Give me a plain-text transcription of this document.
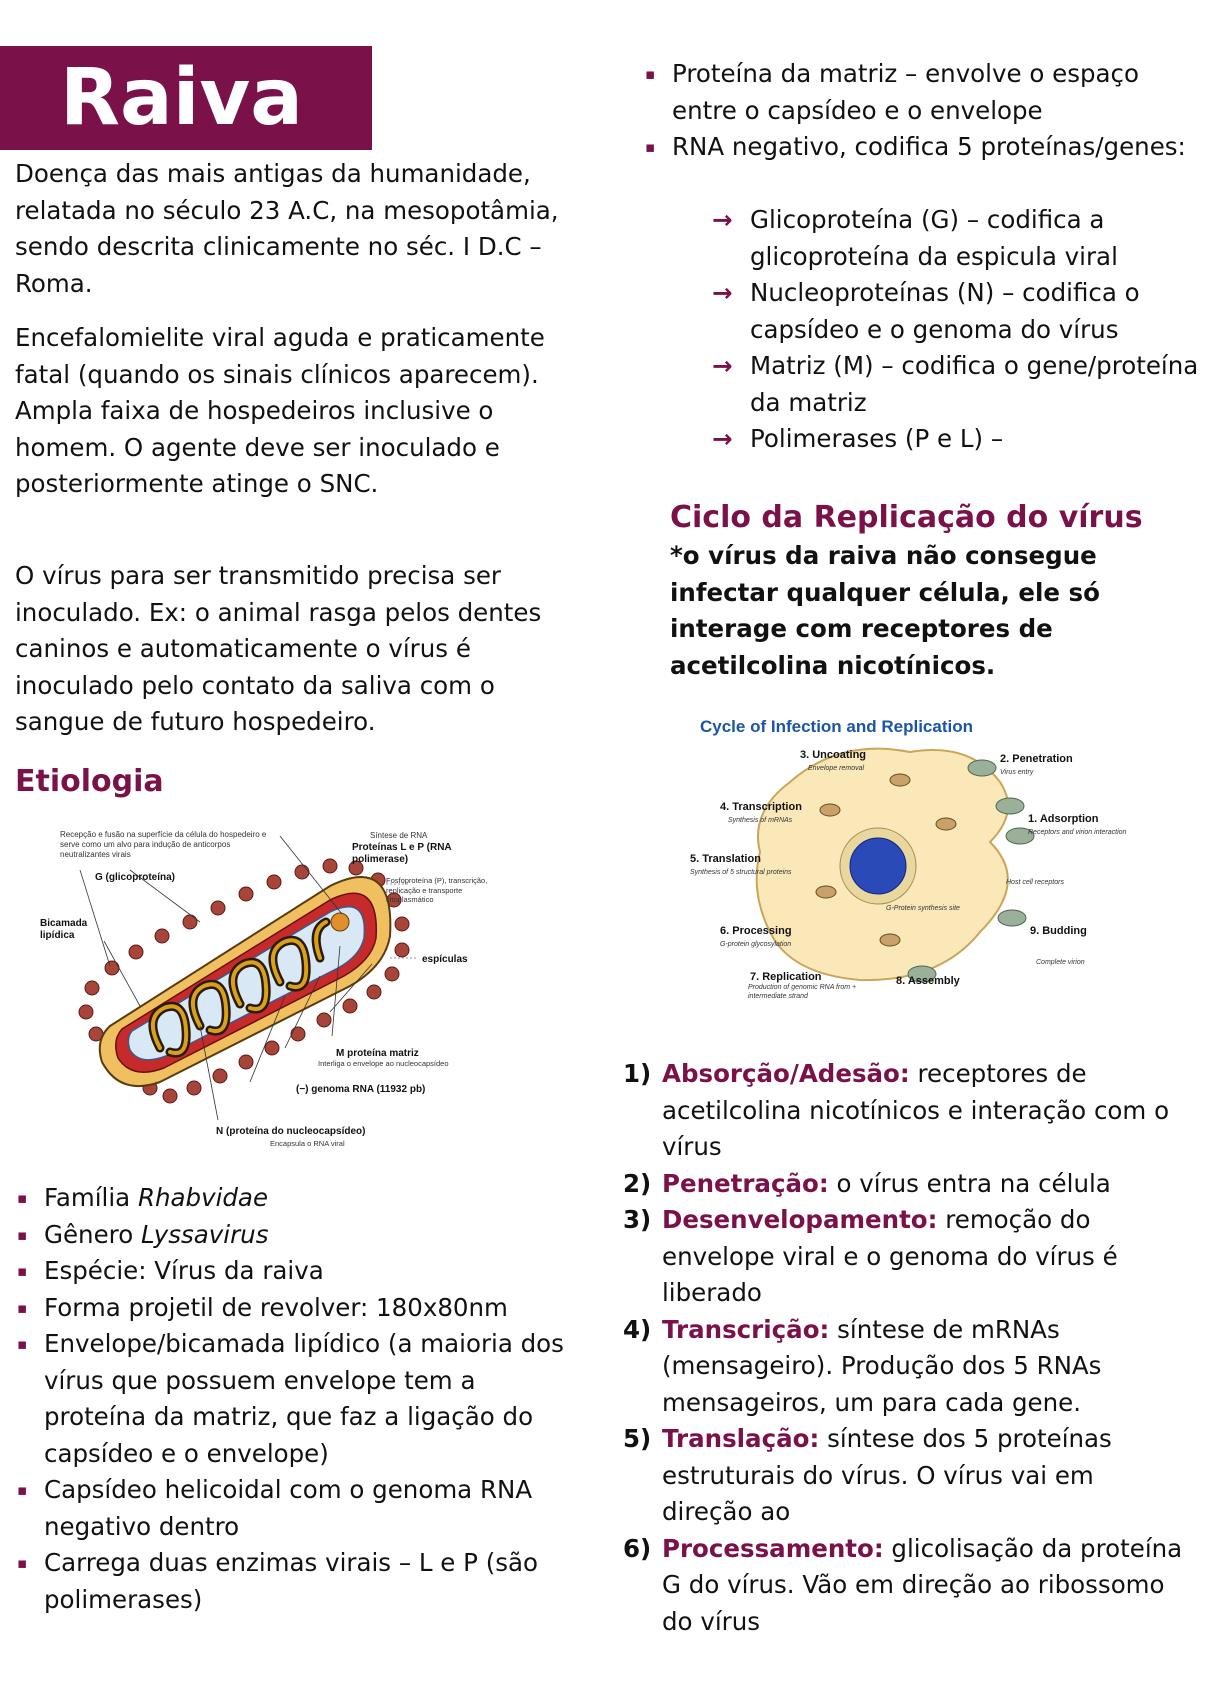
Raiva

Doença das mais antigas da humanidade, relatada no século 23 A.C, na mesopotâmia, sendo descrita clinicamente no séc. I D.C – Roma.

Encefalomielite viral aguda e praticamente fatal (quando os sinais clínicos aparecem). Ampla faixa de hospedeiros inclusive o homem. O agente deve ser inoculado e posteriormente atinge o SNC.

O vírus para ser transmitido precisa ser inoculado. Ex: o animal rasga pelos dentes caninos e automaticamente o vírus é inoculado pelo contato da saliva com o sangue de futuro hospedeiro.

Etiologia
Recepção e fusão na superfície da célula do hospedeiro e serve como um alvo para indução de anticorpos neutralizantes virais
G (glicoproteína)
Bicamada lipídica
Síntese de RNA
Proteínas L e P (RNA polimerase)
Fosfoproteína (P), transcrição, replicação e transporte citoplasmático
espículas
M proteína matriz
Interliga o envelope ao nucleocapsídeo
(−) genoma RNA (11932 pb)
N (proteína do nucleocapsídeo)
Encapsula o RNA viral
▪ Família Rhabvidae
▪ Gênero Lyssavirus
▪ Espécie: Vírus da raiva
▪ Forma projetil de revolver: 180x80nm
▪ Envelope/bicamada lipídico (a maioria dos vírus que possuem envelope tem a proteína da matriz, que faz a ligação do capsídeo e o envelope)
▪ Capsídeo helicoidal com o genoma RNA negativo dentro
▪ Carrega duas enzimas virais – L e P (são polimerases)
▪ Proteína da matriz – envolve o espaço entre o capsídeo e o envelope
▪ RNA negativo, codifica 5 proteínas/genes:
→ Glicoproteína (G) – codifica a glicoproteína da espicula viral
→ Nucleoproteínas (N) – codifica o capsídeo e o genoma do vírus
→ Matriz (M) – codifica o gene/proteína da matriz
→ Polimerases (P e L) –
Ciclo da Replicação do vírus

*o vírus da raiva não consegue infectar qualquer célula, ele só interage com receptores de acetilcolina nicotínicos.

Cycle of Infection and Replication
3. Uncoating
Envelope removal
2. Penetration
Virus entry
4. Transcription
Synthesis of mRNAs	1. Adsorption
Receptors and virion interaction
5. Translation
Synthesis of 5 structural proteins
Host cell receptors
G-Protein synthesis site
6. Processing
G-protein glycosylation
9. Budding
Complete virion
7. Replication
Production of genomic RNA from + intermediate strand
8. Assembly
1) Absorção/Adesão: receptores de acetilcolina nicotínicos e interação com o vírus
2) Penetração: o vírus entra na célula
3) Desenvelopamento: remoção do envelope viral e o genoma do vírus é liberado
4) Transcrição: síntese de mRNAs (mensageiro). Produção dos 5 RNAs mensageiros, um para cada gene.
5) Translação: síntese dos 5 proteínas estruturais do vírus. O vírus vai em direção ao
6) Processamento: glicolisação da proteína G do vírus. Vão em direção ao ribossomo do vírus
